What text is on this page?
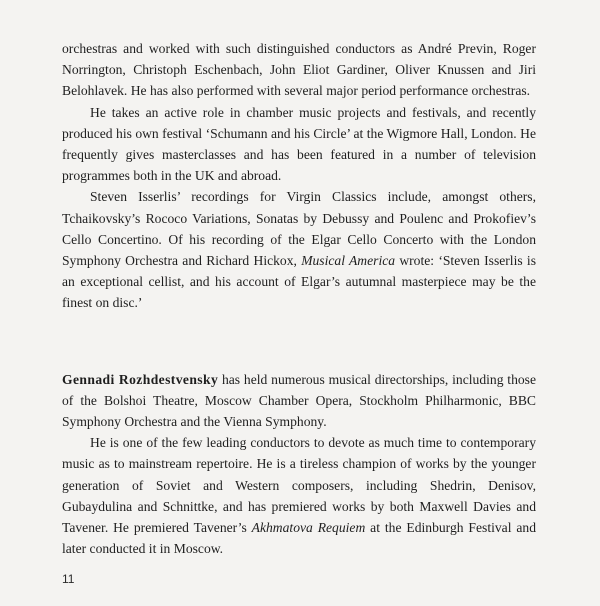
orchestras and worked with such distinguished conductors as André Previn, Roger Norrington, Christoph Eschenbach, John Eliot Gardiner, Oliver Knussen and Jiri Belohlavek. He has also performed with several major period performance orchestras.

He takes an active role in chamber music projects and festivals, and recently produced his own festival ‘Schumann and his Circle’ at the Wigmore Hall, London. He frequently gives masterclasses and has been featured in a number of television programmes both in the UK and abroad.

Steven Isserlis’ recordings for Virgin Classics include, amongst others, Tchaikovsky’s Rococo Variations, Sonatas by Debussy and Poulenc and Prokofiev’s Cello Concertino. Of his recording of the Elgar Cello Concerto with the London Symphony Orchestra and Richard Hickox, Musical America wrote: ‘Steven Isserlis is an exceptional cellist, and his account of Elgar’s autumnal masterpiece may be the finest on disc.’

Gennadi Rozhdestvensky has held numerous musical directorships, including those of the Bolshoi Theatre, Moscow Chamber Opera, Stockholm Philharmonic, BBC Symphony Orchestra and the Vienna Symphony.

He is one of the few leading conductors to devote as much time to contemporary music as to mainstream repertoire. He is a tireless champion of works by the younger generation of Soviet and Western composers, including Shedrin, Denisov, Gubaydulina and Schnittke, and has premiered works by both Maxwell Davies and Tavener. He premiered Tavener’s Akhmatova Requiem at the Edinburgh Festival and later conducted it in Moscow.

11
